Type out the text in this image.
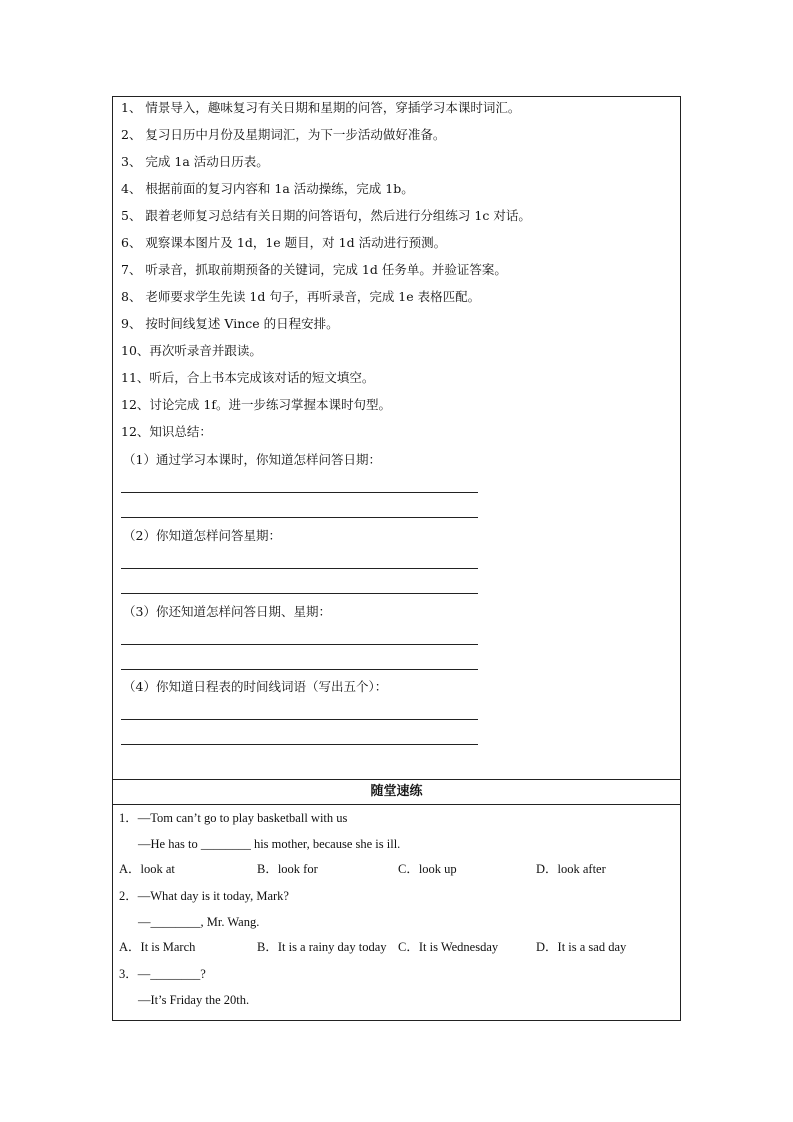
1、 情景导入，趣味复习有关日期和星期的问答，穿插学习本课时词汇。
2、 复习日历中月份及星期词汇，为下一步活动做好准备。
3、 完成 1a 活动日历表。
4、 根据前面的复习内容和 1a 活动操练，完成 1b。
5、 跟着老师复习总结有关日期的问答语句，然后进行分组练习 1c 对话。
6、 观察课本图片及 1d，1e 题目，对 1d 活动进行预测。
7、 听录音，抓取前期预备的关键词，完成 1d 任务单。并验证答案。
8、 老师要求学生先读 1d 句子，再听录音，完成 1e 表格匹配。
9、 按时间线复述 Vince 的日程安排。
10、再次听录音并跟读。
11、听后，合上书本完成该对话的短文填空。
12、讨论完成 1f。进一步练习掌握本课时句型。
12、知识总结：
（1）通过学习本课时，你知道怎样问答日期：
（2）你知道怎样问答星期：
（3）你还知道怎样问答日期、星期：
（4）你知道日程表的时间线词语（写出五个）：
随堂速练
1．—Tom can’t go to play basketball with us
—He has to ________ his mother, because she is ill.
A．look at	B．look for	C．look up	D．look after
2．—What day is it today, Mark?
—________, Mr. Wang.
A．It is March	B．It is a rainy day today C．It is Wednesday	D．It is a sad day
3．—________?
—It’s Friday the 20th.
